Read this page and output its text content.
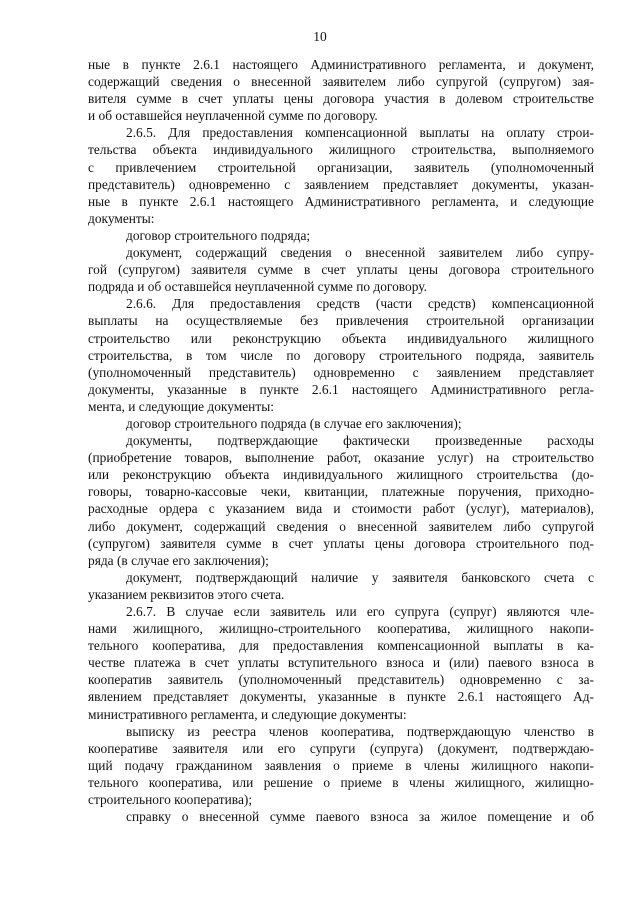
10
ные в пункте 2.6.1 настоящего Административного регламента, и документ,
содержащий сведения о внесенной заявителем либо супругой (супругом) зая-
вителя сумме в счет уплаты цены договора участия в долевом строительстве
и об оставшейся неуплаченной сумме по договору.
2.6.5. Для предоставления компенсационной выплаты на оплату строи-
тельства объекта индивидуального жилищного строительства, выполняемого
с привлечением строительной организации, заявитель (уполномоченный
представитель) одновременно с заявлением представляет документы, указан-
ные в пункте 2.6.1 настоящего Административного регламента, и следующие
документы:
договор строительного подряда;
документ, содержащий сведения о внесенной заявителем либо супру-
гой (супругом) заявителя сумме в счет уплаты цены договора строительного
подряда и об оставшейся неуплаченной сумме по договору.
2.6.6. Для предоставления средств (части средств) компенсационной
выплаты на осуществляемые без привлечения строительной организации
строительство или реконструкцию объекта индивидуального жилищного
строительства, в том числе по договору строительного подряда, заявитель
(уполномоченный представитель) одновременно с заявлением представляет
документы, указанные в пункте 2.6.1 настоящего Административного регла-
мента, и следующие документы:
договор строительного подряда (в случае его заключения);
документы, подтверждающие фактически произведенные расходы
(приобретение товаров, выполнение работ, оказание услуг) на строительство
или реконструкцию объекта индивидуального жилищного строительства (до-
говоры, товарно-кассовые чеки, квитанции, платежные поручения, приходно-
расходные ордера с указанием вида и стоимости работ (услуг), материалов),
либо документ, содержащий сведения о внесенной заявителем либо супругой
(супругом) заявителя сумме в счет уплаты цены договора строительного под-
ряда (в случае его заключения);
документ, подтверждающий наличие у заявителя банковского счета с
указанием реквизитов этого счета.
2.6.7. В случае если заявитель или его супруга (супруг) являются чле-
нами жилищного, жилищно-строительного кооператива, жилищного накопи-
тельного кооператива, для предоставления компенсационной выплаты в ка-
честве платежа в счет уплаты вступительного взноса и (или) паевого взноса в
кооператив заявитель (уполномоченный представитель) одновременно с за-
явлением представляет документы, указанные в пункте 2.6.1 настоящего Ад-
министративного регламента, и следующие документы:
выписку из реестра членов кооператива, подтверждающую членство в
кооперативе заявителя или его супруги (супруга) (документ, подтверждаю-
щий подачу гражданином заявления о приеме в члены жилищного накопи-
тельного кооператива, или решение о приеме в члены жилищного, жилищно-
строительного кооператива);
справку о внесенной сумме паевого взноса за жилое помещение и об
